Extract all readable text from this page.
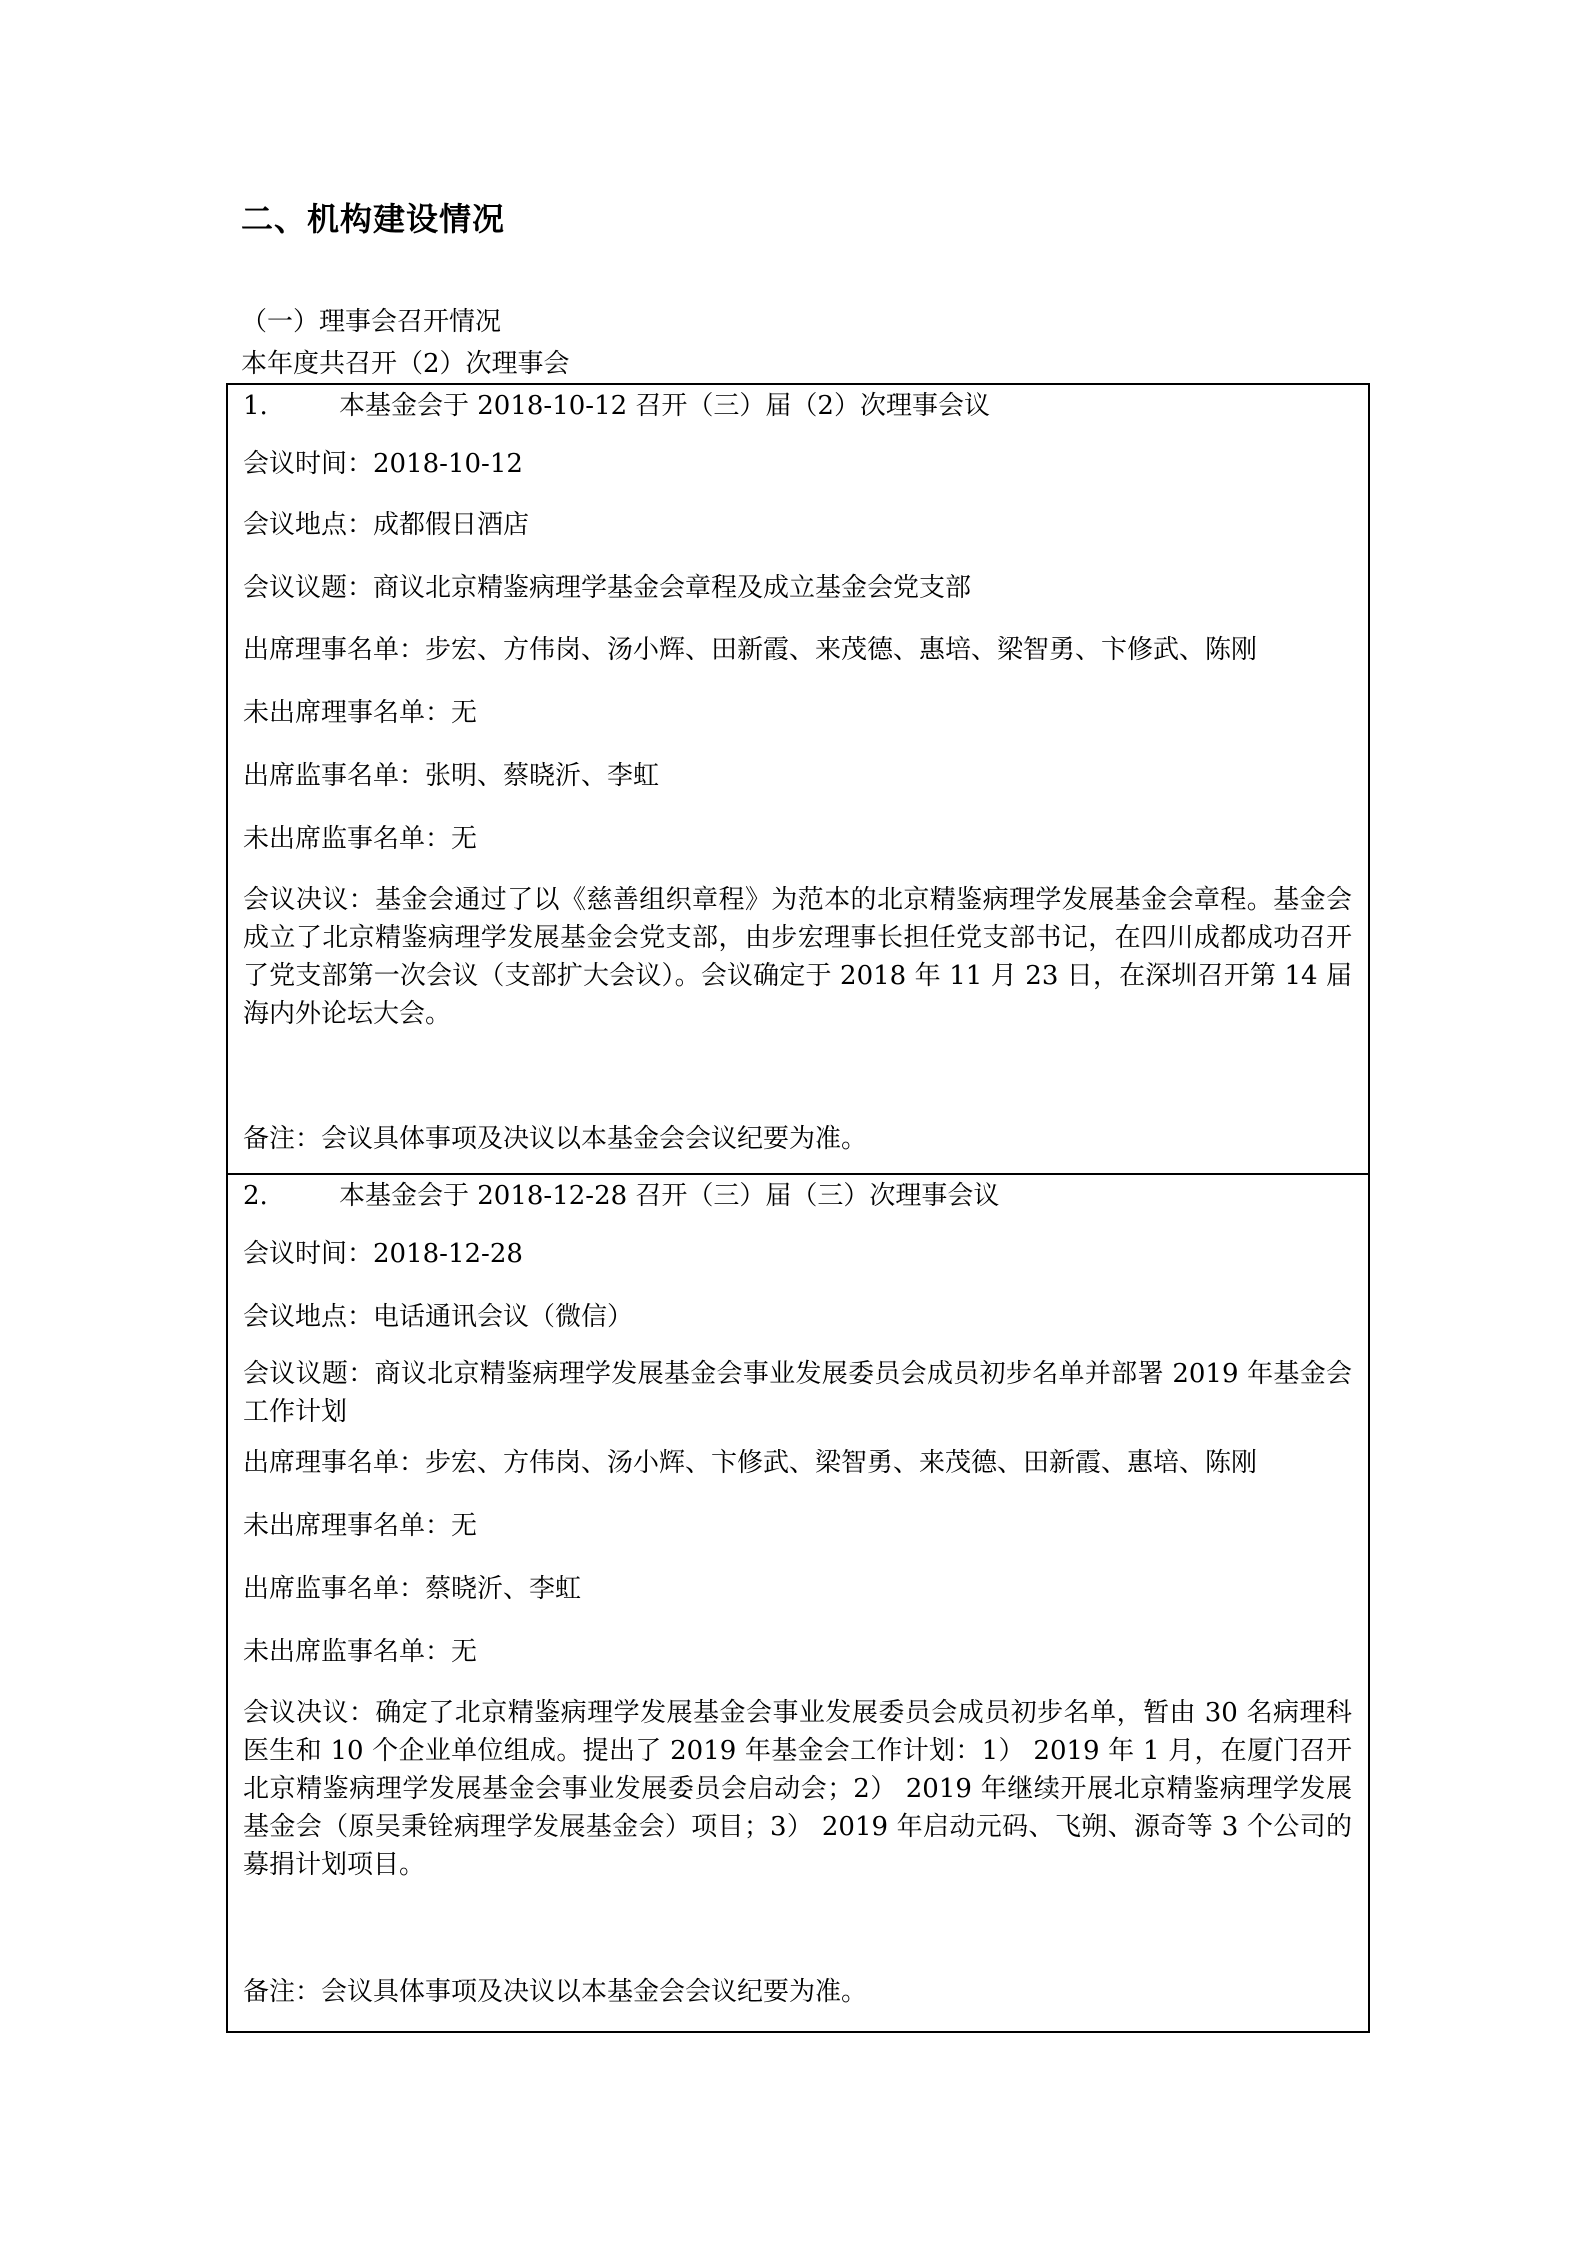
二、机构建设情况
（一）理事会召开情况
本年度共召开（2）次理事会
1.	本基金会于 2018-10-12 召开（三）届（2）次理事会议
会议时间：2018-10-12
会议地点：成都假日酒店
会议议题：商议北京精鉴病理学基金会章程及成立基金会党支部
出席理事名单：步宏、方伟岗、汤小辉、田新霞、来茂德、惠培、梁智勇、卞修武、陈刚
未出席理事名单：无
出席监事名单：张明、蔡晓沂、李虹
未出席监事名单：无
会议决议：基金会通过了以《慈善组织章程》为范本的北京精鉴病理学发展基金会章程。基金会成立了北京精鉴病理学发展基金会党支部，由步宏理事长担任党支部书记，在四川成都成功召开了党支部第一次会议（支部扩大会议）。会议确定于 2018 年 11 月 23 日，在深圳召开第 14 届海内外论坛大会。
备注：会议具体事项及决议以本基金会会议纪要为准。
2.	本基金会于 2018-12-28 召开（三）届（三）次理事会议
会议时间：2018-12-28
会议地点：电话通讯会议（微信）
会议议题：商议北京精鉴病理学发展基金会事业发展委员会成员初步名单并部署 2019 年基金会工作计划
出席理事名单：步宏、方伟岗、汤小辉、卞修武、梁智勇、来茂德、田新霞、惠培、陈刚
未出席理事名单：无
出席监事名单：蔡晓沂、李虹
未出席监事名单：无
会议决议：确定了北京精鉴病理学发展基金会事业发展委员会成员初步名单，暂由 30 名病理科医生和 10 个企业单位组成。提出了 2019 年基金会工作计划：1） 2019 年 1 月，在厦门召开北京精鉴病理学发展基金会事业发展委员会启动会；2） 2019 年继续开展北京精鉴病理学发展基金会（原吴秉铨病理学发展基金会）项目；3） 2019 年启动元码、飞朔、源奇等 3 个公司的募捐计划项目。
备注：会议具体事项及决议以本基金会会议纪要为准。
